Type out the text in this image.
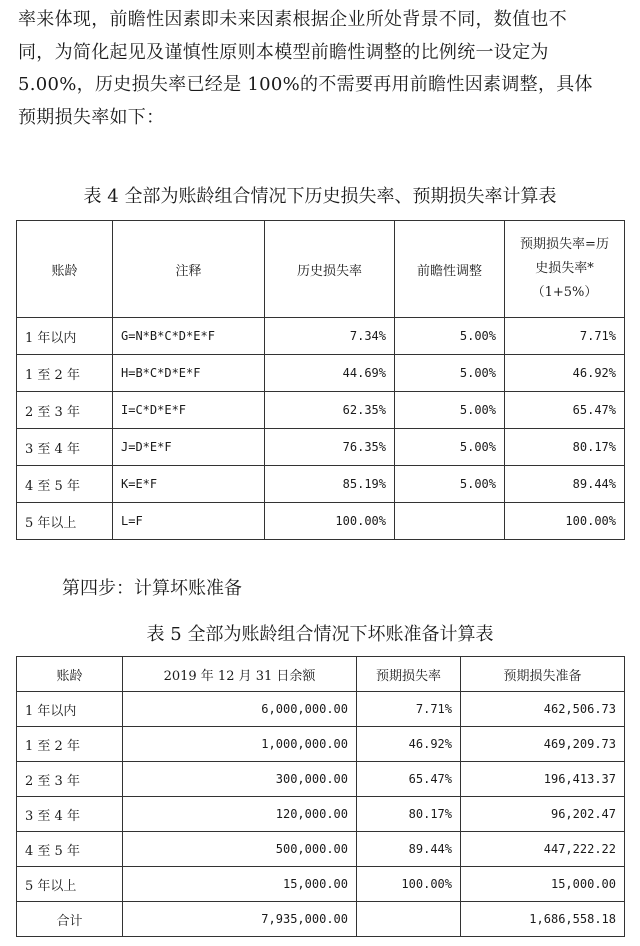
率来体现，前瞻性因素即未来因素根据企业所处背景不同，数值也不
同，为简化起见及谨慎性原则本模型前瞻性调整的比例统一设定为
5.00%，历史损失率已经是 100%的不需要再用前瞻性因素调整，具体
预期损失率如下：
表 4 全部为账龄组合情况下历史损失率、预期损失率计算表
账龄	注释	历史损失率	前瞻性调整	预期损失率=历
史损失率*
（1+5%）

1 年以内	G=N*B*C*D*E*F	7.34%	5.00%	7.71%
1 至 2 年	H=B*C*D*E*F	44.69%	5.00%	46.92%
2 至 3 年	I=C*D*E*F	62.35%	5.00%	65.47%
3 至 4 年	J=D*E*F	76.35%	5.00%	80.17%
4 至 5 年	K=E*F	85.19%	5.00%	89.44%
5 年以上	L=F	100.00%		100.00%
第四步：计算坏账准备
表 5 全部为账龄组合情况下坏账准备计算表
账龄	2019 年 12 月 31 日余额	预期损失率	预期损失准备
1 年以内	6,000,000.00	7.71%	462,506.73
1 至 2 年	1,000,000.00	46.92%	469,209.73
2 至 3 年	300,000.00	65.47%	196,413.37
3 至 4 年	120,000.00	80.17%	96,202.47
4 至 5 年	500,000.00	89.44%	447,222.22
5 年以上	15,000.00	100.00%	15,000.00
合计	7,935,000.00		1,686,558.18
